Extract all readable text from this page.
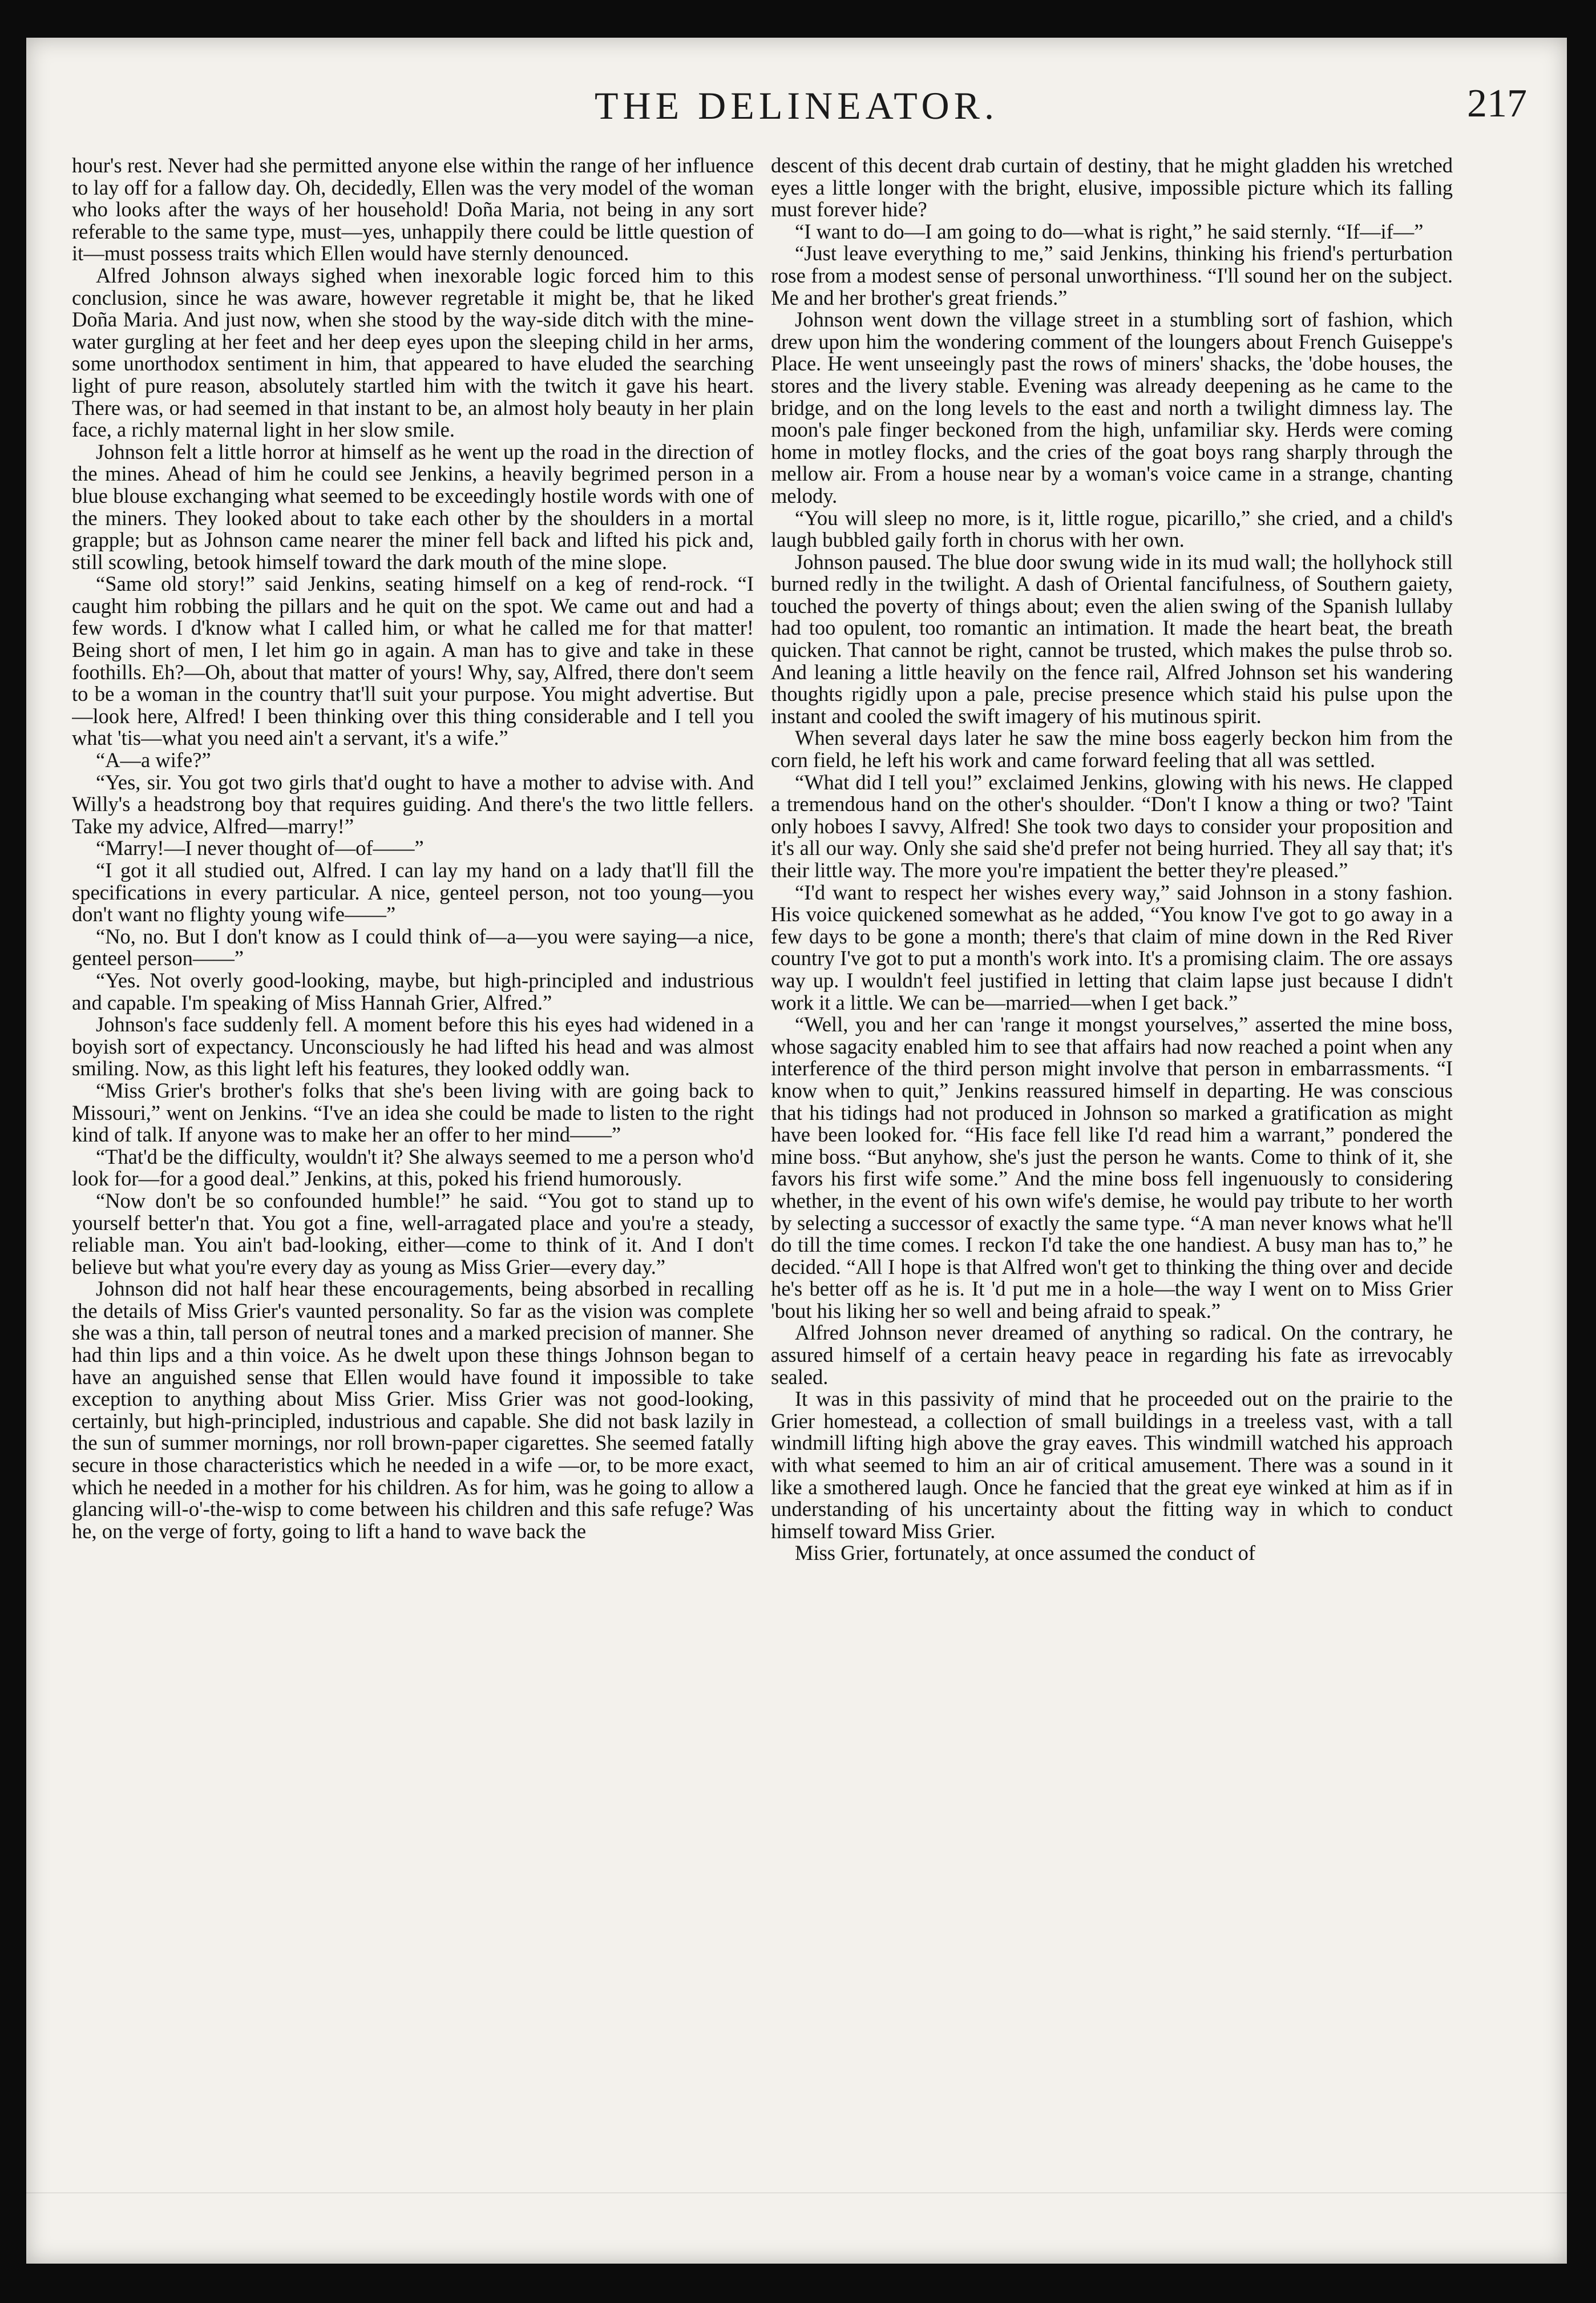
THE DELINEATOR.	217

hour's rest. Never had she permitted anyone else within the range of her influence to lay off for a fallow day. Oh, decidedly, Ellen was the very model of the woman who looks after the ways of her household! Doña Maria, not being in any sort referable to the same type, must—yes, unhappily there could be little question of it—must possess traits which Ellen would have sternly denounced.

Alfred Johnson always sighed when inexorable logic forced him to this conclusion, since he was aware, however regretable it might be, that he liked Doña Maria. And just now, when she stood by the way-side ditch with the mine-water gurgling at her feet and her deep eyes upon the sleeping child in her arms, some unorthodox sentiment in him, that appeared to have eluded the searching light of pure reason, absolutely startled him with the twitch it gave his heart. There was, or had seemed in that instant to be, an almost holy beauty in her plain face, a richly maternal light in her slow smile.

Johnson felt a little horror at himself as he went up the road in the direction of the mines. Ahead of him he could see Jenkins, a heavily begrimed person in a blue blouse exchanging what seemed to be exceedingly hostile words with one of the miners. They looked about to take each other by the shoulders in a mortal grapple; but as Johnson came nearer the miner fell back and lifted his pick and, still scowling, betook himself toward the dark mouth of the mine slope.

“Same old story!” said Jenkins, seating himself on a keg of rend-rock. “I caught him robbing the pillars and he quit on the spot. We came out and had a few words. I d'know what I called him, or what he called me for that matter! Being short of men, I let him go in again. A man has to give and take in these foothills. Eh?—Oh, about that matter of yours! Why, say, Alfred, there don't seem to be a woman in the country that'll suit your purpose. You might advertise. But—look here, Alfred! I been thinking over this thing considerable and I tell you what 'tis—what you need ain't a servant, it's a wife.”

“A—a wife?”

“Yes, sir. You got two girls that'd ought to have a mother to advise with. And Willy's a headstrong boy that requires guiding. And there's the two little fellers. Take my advice, Alfred—marry!”

“Marry!—I never thought of—of——”

“I got it all studied out, Alfred. I can lay my hand on a lady that'll fill the specifications in every particular. A nice, genteel person, not too young—you don't want no flighty young wife——”

“No, no. But I don't know as I could think of—a—you were saying—a nice, genteel person——”

“Yes. Not overly good-looking, maybe, but high-principled and industrious and capable. I'm speaking of Miss Hannah Grier, Alfred.”

Johnson's face suddenly fell. A moment before this his eyes had widened in a boyish sort of expectancy. Unconsciously he had lifted his head and was almost smiling. Now, as this light left his features, they looked oddly wan.

“Miss Grier's brother's folks that she's been living with are going back to Missouri,” went on Jenkins. “I've an idea she could be made to listen to the right kind of talk. If anyone was to make her an offer to her mind——”

“That'd be the difficulty, wouldn't it? She always seemed to me a person who'd look for—for a good deal.” Jenkins, at this, poked his friend humorously.

“Now don't be so confounded humble!” he said. “You got to stand up to yourself better'n that. You got a fine, well-arragated place and you're a steady, reliable man. You ain't bad-looking, either—come to think of it. And I don't believe but what you're every day as young as Miss Grier—every day.”

Johnson did not half hear these encouragements, being absorbed in recalling the details of Miss Grier's vaunted personality. So far as the vision was complete she was a thin, tall person of neutral tones and a marked precision of manner. She had thin lips and a thin voice. As he dwelt upon these things Johnson began to have an anguished sense that Ellen would have found it impossible to take exception to anything about Miss Grier. Miss Grier was not good-looking, certainly, but high-principled, industrious and capable. She did not bask lazily in the sun of summer mornings, nor roll brown-paper cigarettes. She seemed fatally secure in those characteristics which he needed in a wife —or, to be more exact, which he needed in a mother for his children. As for him, was he going to allow a glancing will-o'-the-wisp to come between his children and this safe refuge? Was he, on the verge of forty, going to lift a hand to wave back the

descent of this decent drab curtain of destiny, that he might gladden his wretched eyes a little longer with the bright, elusive, impossible picture which its falling must forever hide?

“I want to do—I am going to do—what is right,” he said sternly. “If—if—”

“Just leave everything to me,” said Jenkins, thinking his friend's perturbation rose from a modest sense of personal unworthiness. “I'll sound her on the subject. Me and her brother's great friends.”

Johnson went down the village street in a stumbling sort of fashion, which drew upon him the wondering comment of the loungers about French Guiseppe's Place. He went unseeingly past the rows of miners' shacks, the 'dobe houses, the stores and the livery stable. Evening was already deepening as he came to the bridge, and on the long levels to the east and north a twilight dimness lay. The moon's pale finger beckoned from the high, unfamiliar sky. Herds were coming home in motley flocks, and the cries of the goat boys rang sharply through the mellow air. From a house near by a woman's voice came in a strange, chanting melody.

“You will sleep no more, is it, little rogue, picarillo,” she cried, and a child's laugh bubbled gaily forth in chorus with her own.

Johnson paused. The blue door swung wide in its mud wall; the hollyhock still burned redly in the twilight. A dash of Oriental fancifulness, of Southern gaiety, touched the poverty of things about; even the alien swing of the Spanish lullaby had too opulent, too romantic an intimation. It made the heart beat, the breath quicken. That cannot be right, cannot be trusted, which makes the pulse throb so. And leaning a little heavily on the fence rail, Alfred Johnson set his wandering thoughts rigidly upon a pale, precise presence which staid his pulse upon the instant and cooled the swift imagery of his mutinous spirit.

When several days later he saw the mine boss eagerly beckon him from the corn field, he left his work and came forward feeling that all was settled.

“What did I tell you!” exclaimed Jenkins, glowing with his news. He clapped a tremendous hand on the other's shoulder. “Don't I know a thing or two? 'Taint only hoboes I savvy, Alfred! She took two days to consider your proposition and it's all our way. Only she said she'd prefer not being hurried. They all say that; it's their little way. The more you're impatient the better they're pleased.”

“I'd want to respect her wishes every way,” said Johnson in a stony fashion. His voice quickened somewhat as he added, “You know I've got to go away in a few days to be gone a month; there's that claim of mine down in the Red River country I've got to put a month's work into. It's a promising claim. The ore assays way up. I wouldn't feel justified in letting that claim lapse just because I didn't work it a little. We can be—married—when I get back.”

“Well, you and her can 'range it mongst yourselves,” asserted the mine boss, whose sagacity enabled him to see that affairs had now reached a point when any interference of the third person might involve that person in embarrassments. “I know when to quit,” Jenkins reassured himself in departing. He was conscious that his tidings had not produced in Johnson so marked a gratification as might have been looked for. “His face fell like I'd read him a warrant,” pondered the mine boss. “But anyhow, she's just the person he wants. Come to think of it, she favors his first wife some.” And the mine boss fell ingenuously to considering whether, in the event of his own wife's demise, he would pay tribute to her worth by selecting a successor of exactly the same type. “A man never knows what he'll do till the time comes. I reckon I'd take the one handiest. A busy man has to,” he decided. “All I hope is that Alfred won't get to thinking the thing over and decide he's better off as he is. It 'd put me in a hole—the way I went on to Miss Grier 'bout his liking her so well and being afraid to speak.”

Alfred Johnson never dreamed of anything so radical. On the contrary, he assured himself of a certain heavy peace in regarding his fate as irrevocably sealed.

It was in this passivity of mind that he proceeded out on the prairie to the Grier homestead, a collection of small buildings in a treeless vast, with a tall windmill lifting high above the gray eaves. This windmill watched his approach with what seemed to him an air of critical amusement. There was a sound in it like a smothered laugh. Once he fancied that the great eye winked at him as if in understanding of his uncertainty about the fitting way in which to conduct himself toward Miss Grier.

Miss Grier, fortunately, at once assumed the conduct of
